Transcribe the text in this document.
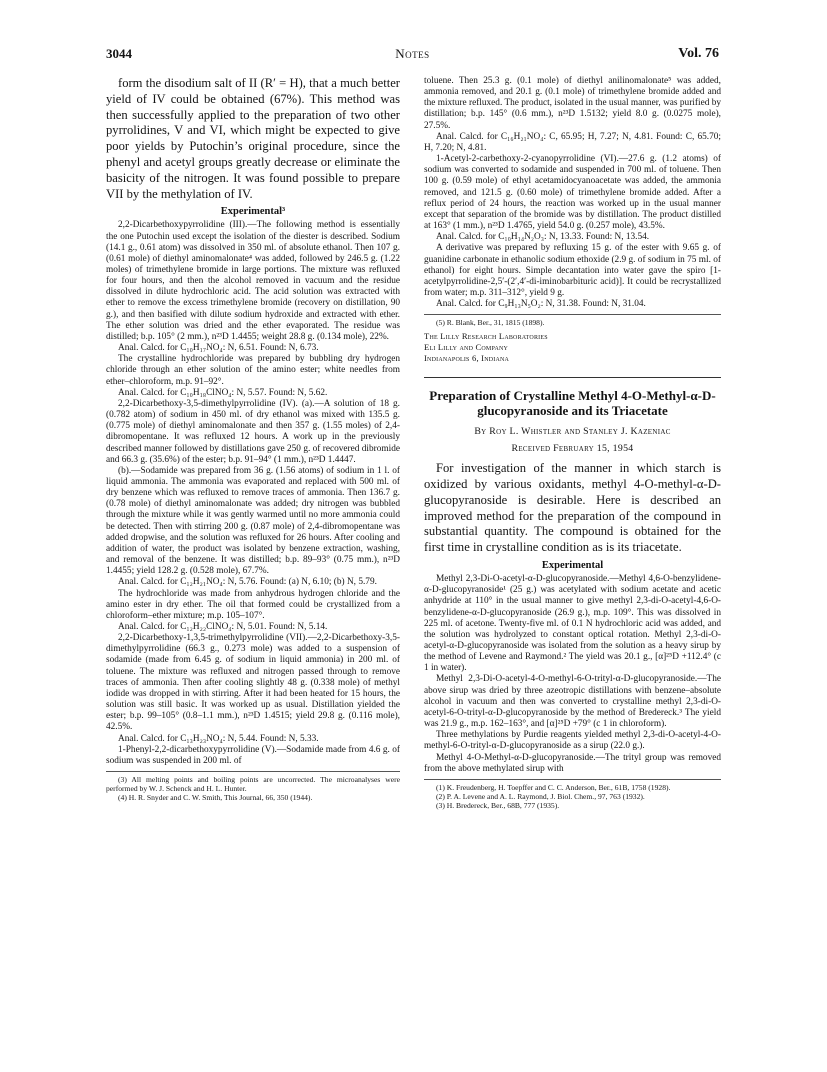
3044	Notes	Vol. 76

form the disodium salt of II (R′ = H), that a much better yield of IV could be obtained (67%). This method was then successfully applied to the preparation of two other pyrrolidines, V and VI, which might be expected to give poor yields by Putochin’s original procedure, since the phenyl and acetyl groups greatly decrease or eliminate the basicity of the nitrogen. It was found possible to prepare VII by the methylation of IV.

Experimental³

2,2-Dicarbethoxypyrrolidine (III).—The following method is essentially the one Putochin used except the isolation of the diester is described. Sodium (14.1 g., 0.61 atom) was dissolved in 350 ml. of absolute ethanol. Then 107 g. (0.61 mole) of diethyl aminomalonate⁴ was added, followed by 246.5 g. (1.22 moles) of trimethylene bromide in large portions. The mixture was refluxed for four hours, and then the alcohol removed in vacuum and the residue dissolved in dilute hydrochloric acid. The acid solution was extracted with ether to remove the excess trimethylene bromide (recovery on distillation, 90 g.), and then basified with dilute sodium hydroxide and extracted with ether. The ether solution was dried and the ether evaporated. The residue was distilled; b.p. 105° (2 mm.), n²³D 1.4455; weight 28.8 g. (0.134 mole), 22%.

Anal. Calcd. for C₁₀H₁₇NO₄: N, 6.51. Found: N, 6.73.

The crystalline hydrochloride was prepared by bubbling dry hydrogen chloride through an ether solution of the amino ester; white needles from ether–chloroform, m.p. 91–92°.

Anal. Calcd. for C₁₀H₁₈ClNO₄: N, 5.57. Found: N, 5.62.

2,2-Dicarbethoxy-3,5-dimethylpyrrolidine (IV). (a).—A solution of 18 g. (0.782 atom) of sodium in 450 ml. of dry ethanol was mixed with 135.5 g. (0.775 mole) of diethyl aminomalonate and then 357 g. (1.55 moles) of 2,4-dibromopentane. It was refluxed 12 hours. A work up in the previously described manner followed by distillations gave 250 g. of recovered dibromide and 66.3 g. (35.6%) of the ester; b.p. 91–94° (1 mm.), n²³D 1.4447.

(b).—Sodamide was prepared from 36 g. (1.56 atoms) of sodium in 1 l. of liquid ammonia. The ammonia was evaporated and replaced with 500 ml. of dry benzene which was refluxed to remove traces of ammonia. Then 136.7 g. (0.78 mole) of diethyl aminomalonate was added; dry nitrogen was bubbled through the mixture while it was gently warmed until no more ammonia could be detected. Then with stirring 200 g. (0.87 mole) of 2,4-dibromopentane was added dropwise, and the solution was refluxed for 26 hours. After cooling and addition of water, the product was isolated by benzene extraction, washing, and removal of the benzene. It was distilled; b.p. 89–93° (0.75 mm.), n²³D 1.4455; yield 128.2 g. (0.528 mole), 67.7%.

Anal. Calcd. for C₁₂H₂₁NO₄: N, 5.76. Found: (a) N, 6.10; (b) N, 5.79.

The hydrochloride was made from anhydrous hydrogen chloride and the amino ester in dry ether. The oil that formed could be crystallized from a chloroform–ether mixture; m.p. 105–107°.

Anal. Calcd. for C₁₂H₂₂ClNO₄: N, 5.01. Found: N, 5.14.

2,2-Dicarbethoxy-1,3,5-trimethylpyrrolidine (VII).—2,2-Dicarbethoxy-3,5-dimethylpyrrolidine (66.3 g., 0.273 mole) was added to a suspension of sodamide (made from 6.45 g. of sodium in liquid ammonia) in 200 ml. of toluene. The mixture was refluxed and nitrogen passed through to remove traces of ammonia. Then after cooling slightly 48 g. (0.338 mole) of methyl iodide was dropped in with stirring. After it had been heated for 15 hours, the solution was still basic. It was worked up as usual. Distillation yielded the ester; b.p. 99–105° (0.8–1.1 mm.), n²³D 1.4515; yield 29.8 g. (0.116 mole), 42.5%.

Anal. Calcd. for C₁₃H₂₃NO₄: N, 5.44. Found: N, 5.33.

1-Phenyl-2,2-dicarbethoxypyrrolidine (V).—Sodamide made from 4.6 g. of sodium was suspended in 200 ml. of

(3) All melting points and boiling points are uncorrected. The microanalyses were performed by W. J. Schenck and H. L. Hunter.

(4) H. R. Snyder and C. W. Smith, This Journal, 66, 350 (1944).

toluene. Then 25.3 g. (0.1 mole) of diethyl anilinomalonate⁵ was added, ammonia removed, and 20.1 g. (0.1 mole) of trimethylene bromide added and the mixture refluxed. The product, isolated in the usual manner, was purified by distillation; b.p. 145° (0.6 mm.), n²³D 1.5132; yield 8.0 g. (0.0275 mole), 27.5%.

Anal. Calcd. for C₁₆H₂₁NO₄: C, 65.95; H, 7.27; N, 4.81. Found: C, 65.70; H, 7.20; N, 4.81.

1-Acetyl-2-carbethoxy-2-cyanopyrrolidine (VI).—27.6 g. (1.2 atoms) of sodium was converted to sodamide and suspended in 700 ml. of toluene. Then 100 g. (0.59 mole) of ethyl acetamidocyanoacetate was added, the ammonia removed, and 121.5 g. (0.60 mole) of trimethylene bromide added. After a reflux period of 24 hours, the reaction was worked up in the usual manner except that separation of the bromide was by distillation. The product distilled at 163° (1 mm.), n²³D 1.4765, yield 54.0 g. (0.257 mole), 43.5%.

Anal. Calcd. for C₁₀H₁₄N₂O₃: N, 13.33. Found: N, 13.54.

A derivative was prepared by refluxing 15 g. of the ester with 9.65 g. of guanidine carbonate in ethanolic sodium ethoxide (2.9 g. of sodium in 75 ml. of ethanol) for eight hours. Simple decantation into water gave the spiro [1-acetylpyrrolidine-2,5′-(2′,4′-di-iminobarbituric acid)]. It could be recrystallized from water; m.p. 311–312°, yield 9 g.

Anal. Calcd. for C₉H₁₃N₅O₂: N, 31.38. Found: N, 31.04.

(5) R. Blank, Ber., 31, 1815 (1898).

The Lilly Research Laboratories
Eli Lilly and Company
Indianapolis 6, Indiana
Preparation of Crystalline Methyl 4-O-Methyl-α-D-glucopyranoside and its Triacetate
By Roy L. Whistler and Stanley J. Kazeniac
Received February 15, 1954

For investigation of the manner in which starch is oxidized by various oxidants, methyl 4-O-methyl-α-D-glucopyranoside is desirable. Here is described an improved method for the preparation of the compound in substantial quantity. The compound is obtained for the first time in crystalline condition as is its triacetate.

Experimental

Methyl 2,3-Di-O-acetyl-α-D-glucopyranoside.—Methyl 4,6-O-benzylidene-α-D-glucopyranoside¹ (25 g.) was acetylated with sodium acetate and acetic anhydride at 110° in the usual manner to give methyl 2,3-di-O-acetyl-4,6-O-benzylidene-α-D-glucopyranoside (26.9 g.), m.p. 109°. This was dissolved in 225 ml. of acetone. Twenty-five ml. of 0.1 N hydrochloric acid was added, and the solution was hydrolyzed to constant optical rotation. Methyl 2,3-di-O-acetyl-α-D-glucopyranoside was isolated from the solution as a heavy sirup by the method of Levene and Raymond.² The yield was 20.1 g., [α]²⁵D +112.4° (c 1 in water).

Methyl 2,3-Di-O-acetyl-4-O-methyl-6-O-trityl-α-D-glucopyranoside.—The above sirup was dried by three azeotropic distillations with benzene–absolute alcohol in vacuum and then was converted to crystalline methyl 2,3-di-O-acetyl-6-O-trityl-α-D-glucopyranoside by the method of Bredereck.³ The yield was 21.9 g., m.p. 162–163°, and [α]²⁵D +79° (c 1 in chloroform).

Three methylations by Purdie reagents yielded methyl 2,3-di-O-acetyl-4-O-methyl-6-O-trityl-α-D-glucopyranoside as a sirup (22.0 g.).

Methyl 4-O-Methyl-α-D-glucopyranoside.—The trityl group was removed from the above methylated sirup with

(1) K. Freudenberg, H. Toepffer and C. C. Anderson, Ber., 61B, 1758 (1928).

(2) P. A. Levene and A. L. Raymond, J. Biol. Chem., 97, 763 (1932).

(3) H. Bredereck, Ber., 68B, 777 (1935).
